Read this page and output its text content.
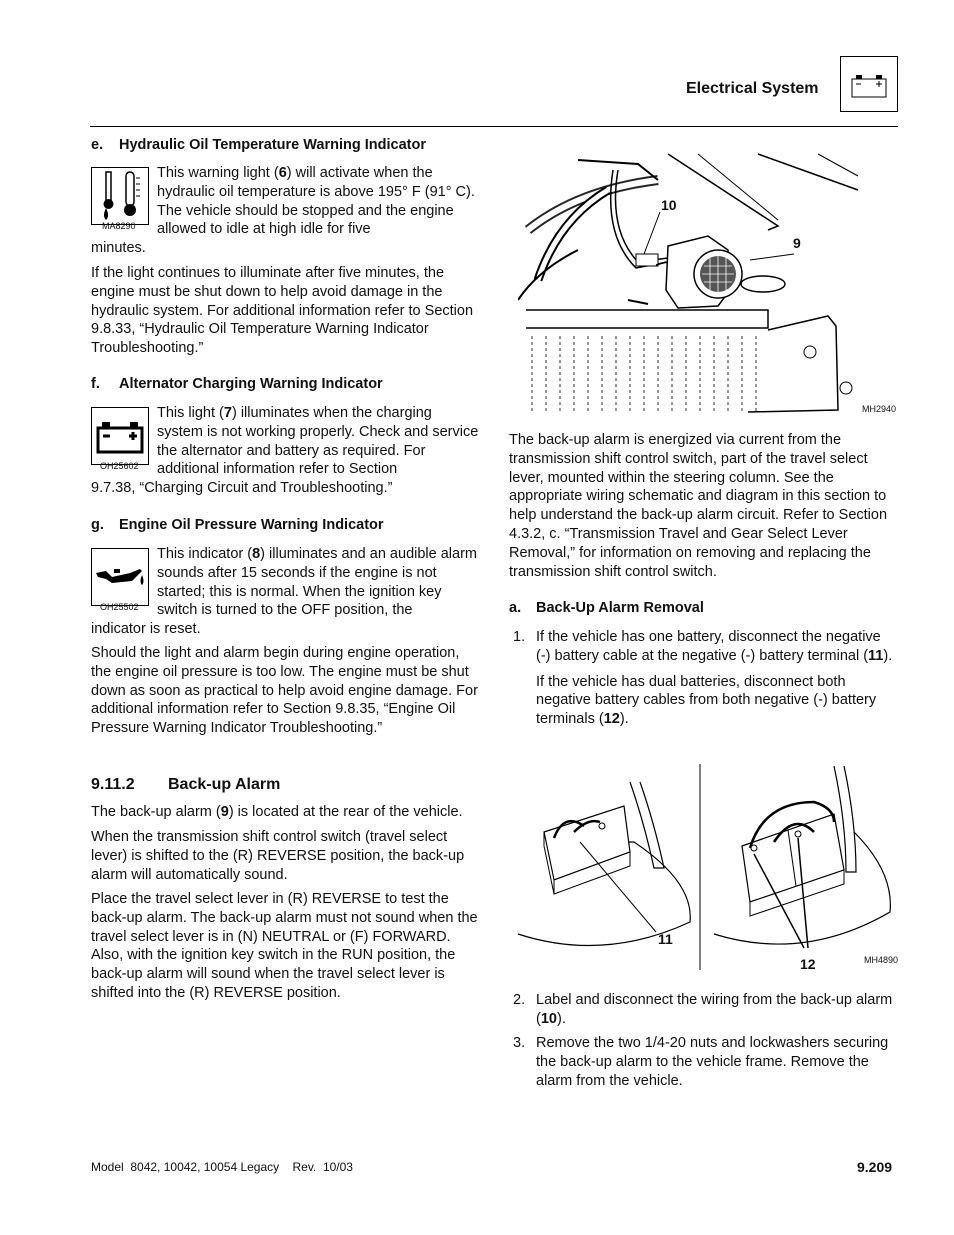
Electrical System
e. Hydraulic Oil Temperature Warning Indicator
MA8290

This warning light (6) will activate when the hydraulic oil temperature is above 195° F (91° C). The vehicle should be stopped and the engine allowed to idle at high idle for five

minutes.

If the light continues to illuminate after five minutes, the engine must be shut down to help avoid damage in the hydraulic system. For additional information refer to Section 9.8.33, “Hydraulic Oil Temperature Warning Indicator Troubleshooting.”

f. Alternator Charging Warning Indicator
OH25602

This light (7) illuminates when the charging system is not working properly. Check and service the alternator and battery as required. For additional information refer to Section

9.7.38, “Charging Circuit and Troubleshooting.”

g. Engine Oil Pressure Warning Indicator
OH25502

This indicator (8) illuminates and an audible alarm sounds after 15 seconds if the engine is not started; this is normal. When the ignition key switch is turned to the OFF position, the

indicator is reset.

Should the light and alarm begin during engine operation, the engine oil pressure is too low. The engine must be shut down as soon as practical to help avoid engine damage. For additional information refer to Section 9.8.35, “Engine Oil Pressure Warning Indicator Troubleshooting.”

9.11.2 Back-up Alarm

The back-up alarm (9) is located at the rear of the vehicle.

When the transmission shift control switch (travel select lever) is shifted to the (R) REVERSE position, the back-up alarm will automatically sound.

Place the travel select lever in (R) REVERSE to test the back-up alarm. The back-up alarm must not sound when the travel select lever is in (N) NEUTRAL or (F) FORWARD. Also, with the ignition key switch in the RUN position, the back-up alarm will sound when the travel select lever is shifted into the (R) REVERSE position.

10
9
MH2940

The back-up alarm is energized via current from the transmission shift control switch, part of the travel select lever, mounted within the steering column. See the appropriate wiring schematic and diagram in this section to help understand the back-up alarm circuit. Refer to Section 4.3.2, c. “Transmission Travel and Gear Select Lever Removal,” for information on removing and replacing the transmission shift control switch.

a. Back-Up Alarm Removal
1. If the vehicle has one battery, disconnect the negative (-) battery cable at the negative (-) battery terminal (11).

If the vehicle has dual batteries, disconnect both negative battery cables from both negative (-) battery terminals (12).

11
12	MH4890
2. Label and disconnect the wiring from the back-up alarm (10).

3. Remove the two 1/4-20 nuts and lockwashers securing the back-up alarm to the vehicle frame. Remove the alarm from the vehicle.

Model  8042, 10042, 10054 Legacy    Rev.  10/03	9.209
